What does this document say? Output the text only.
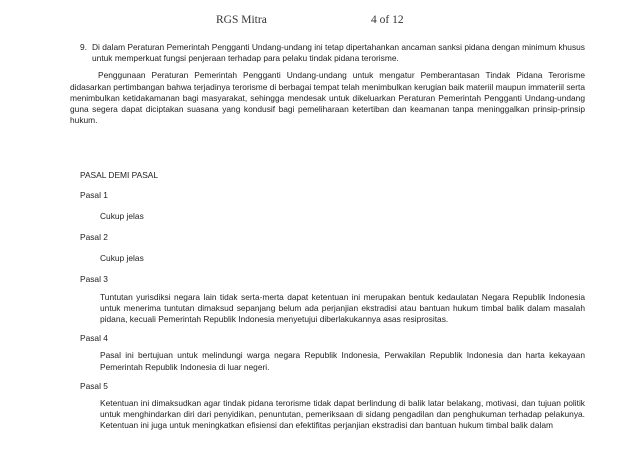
RGS Mitra	4 of 12
9. Di dalam Peraturan Pemerintah Pengganti Undang-undang ini tetap dipertahankan ancaman sanksi pidana dengan minimum khusus untuk memperkuat fungsi penjeraan terhadap para pelaku tindak pidana terorisme.
Penggunaan Peraturan Pemerintah Pengganti Undang-undang untuk mengatur Pemberantasan Tindak Pidana Terorisme didasarkan pertimbangan bahwa terjadinya terorisme di berbagai tempat telah menimbulkan kerugian baik materiil maupun immateriil serta menimbulkan ketidakamanan bagi masyarakat, sehingga mendesak untuk dikeluarkan Peraturan Pemerintah Pengganti Undang-undang guna segera dapat diciptakan suasana yang kondusif bagi pemeliharaan ketertiban dan keamanan tanpa meninggalkan prinsip-prinsip hukum.
PASAL DEMI PASAL
Pasal 1
Cukup jelas
Pasal 2
Cukup jelas
Pasal 3
Tuntutan yurisdiksi negara lain tidak serta-merta dapat ketentuan ini merupakan bentuk kedaulatan Negara Republik Indonesia untuk menerima tuntutan dimaksud sepanjang belum ada perjanjian ekstradisi atau bantuan hukum timbal balik dalam masalah pidana, kecuali Pemerintah Republik Indonesia menyetujui diberlakukannya asas resiprositas.
Pasal 4
Pasal ini bertujuan untuk melindungi warga negara Republik Indonesia, Perwakilan Republik Indonesia dan harta kekayaan Pemerintah Republik Indonesia di luar negeri.
Pasal 5
Ketentuan ini dimaksudkan agar tindak pidana terorisme tidak dapat berlindung di balik latar belakang, motivasi, dan tujuan politik untuk menghindarkan diri dari penyidikan, penuntutan, pemeriksaan di sidang pengadilan dan penghukuman terhadap pelakunya. Ketentuan ini juga untuk meningkatkan efisiensi dan efektifitas perjanjian ekstradisi dan bantuan hukum timbal balik dalam
